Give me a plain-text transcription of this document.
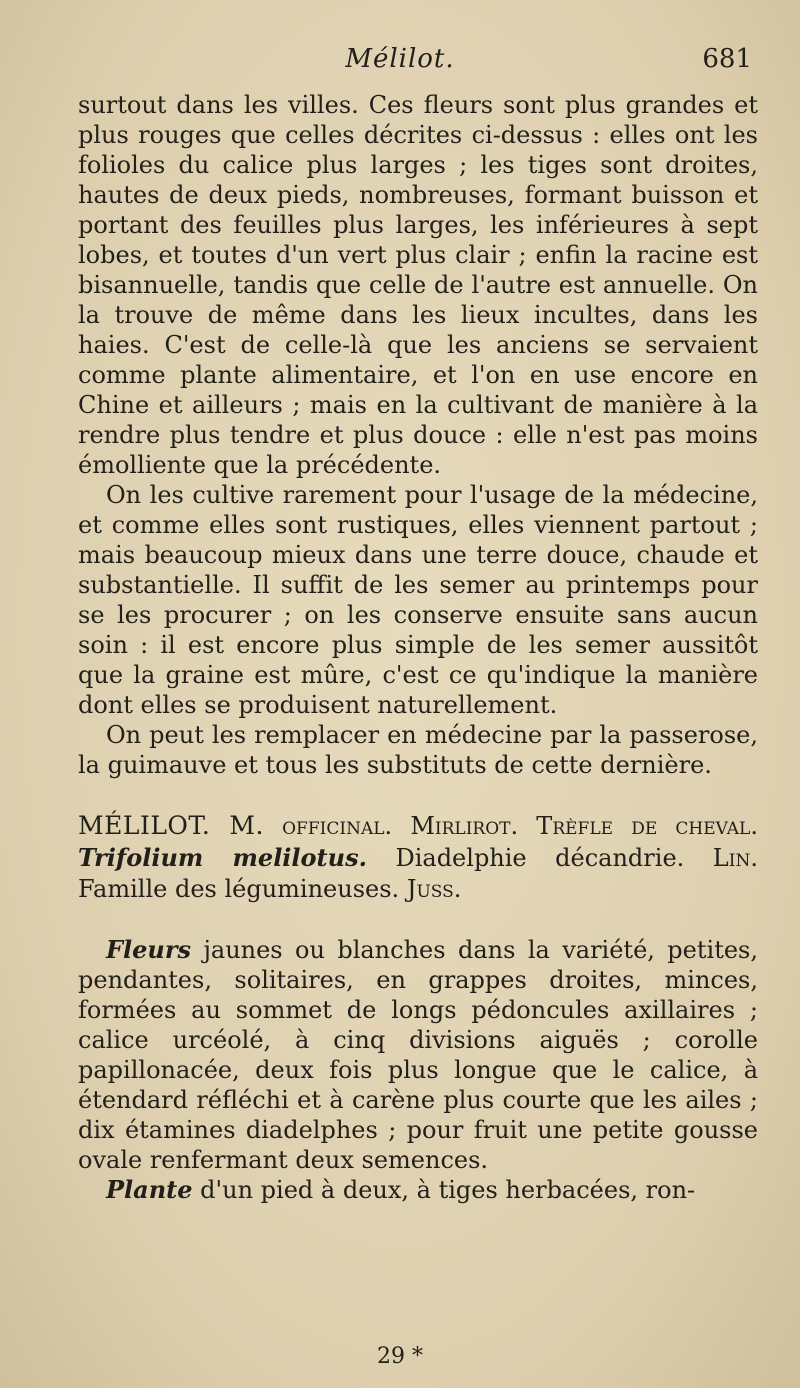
Mélilot.	681

surtout dans les villes. Ces fleurs sont plus grandes et plus rouges que celles décrites ci-dessus : elles ont les folioles du calice plus larges ; les tiges sont droites, hautes de deux pieds, nombreuses, formant buisson et portant des feuilles plus larges, les inférieures à sept lobes, et toutes d'un vert plus clair ; enfin la racine est bisannuelle, tandis que celle de l'autre est annuelle. On la trouve de même dans les lieux incultes, dans les haies. C'est de celle-là que les anciens se servaient comme plante alimentaire, et l'on en use encore en Chine et ailleurs ; mais en la cultivant de manière à la rendre plus tendre et plus douce : elle n'est pas moins émolliente que la précédente.

On les cultive rarement pour l'usage de la médecine, et comme elles sont rustiques, elles viennent partout ; mais beaucoup mieux dans une terre douce, chaude et substantielle. Il suffit de les semer au printemps pour se les procurer ; on les conserve ensuite sans aucun soin : il est encore plus simple de les semer aussitôt que la graine est mûre, c'est ce qu'indique la manière dont elles se produisent naturellement.

On peut les remplacer en médecine par la passerose, la guimauve et tous les substituts de cette dernière.

MÉLILOT. M. officinal. Mirlirot. Trèfle de cheval. Trifolium melilotus. Diadelphie décandrie. Lin. Famille des légumineuses. Juss.

Fleurs jaunes ou blanches dans la variété, petites, pendantes, solitaires, en grappes droites, minces, formées au sommet de longs pédoncules axillaires ; calice urcéolé, à cinq divisions aiguës ; corolle papillonacée, deux fois plus longue que le calice, à étendard réfléchi et à carène plus courte que les ailes ; dix étamines diadelphes ; pour fruit une petite gousse ovale renfermant deux semences.

Plante d'un pied à deux, à tiges herbacées, ron-

29 *
